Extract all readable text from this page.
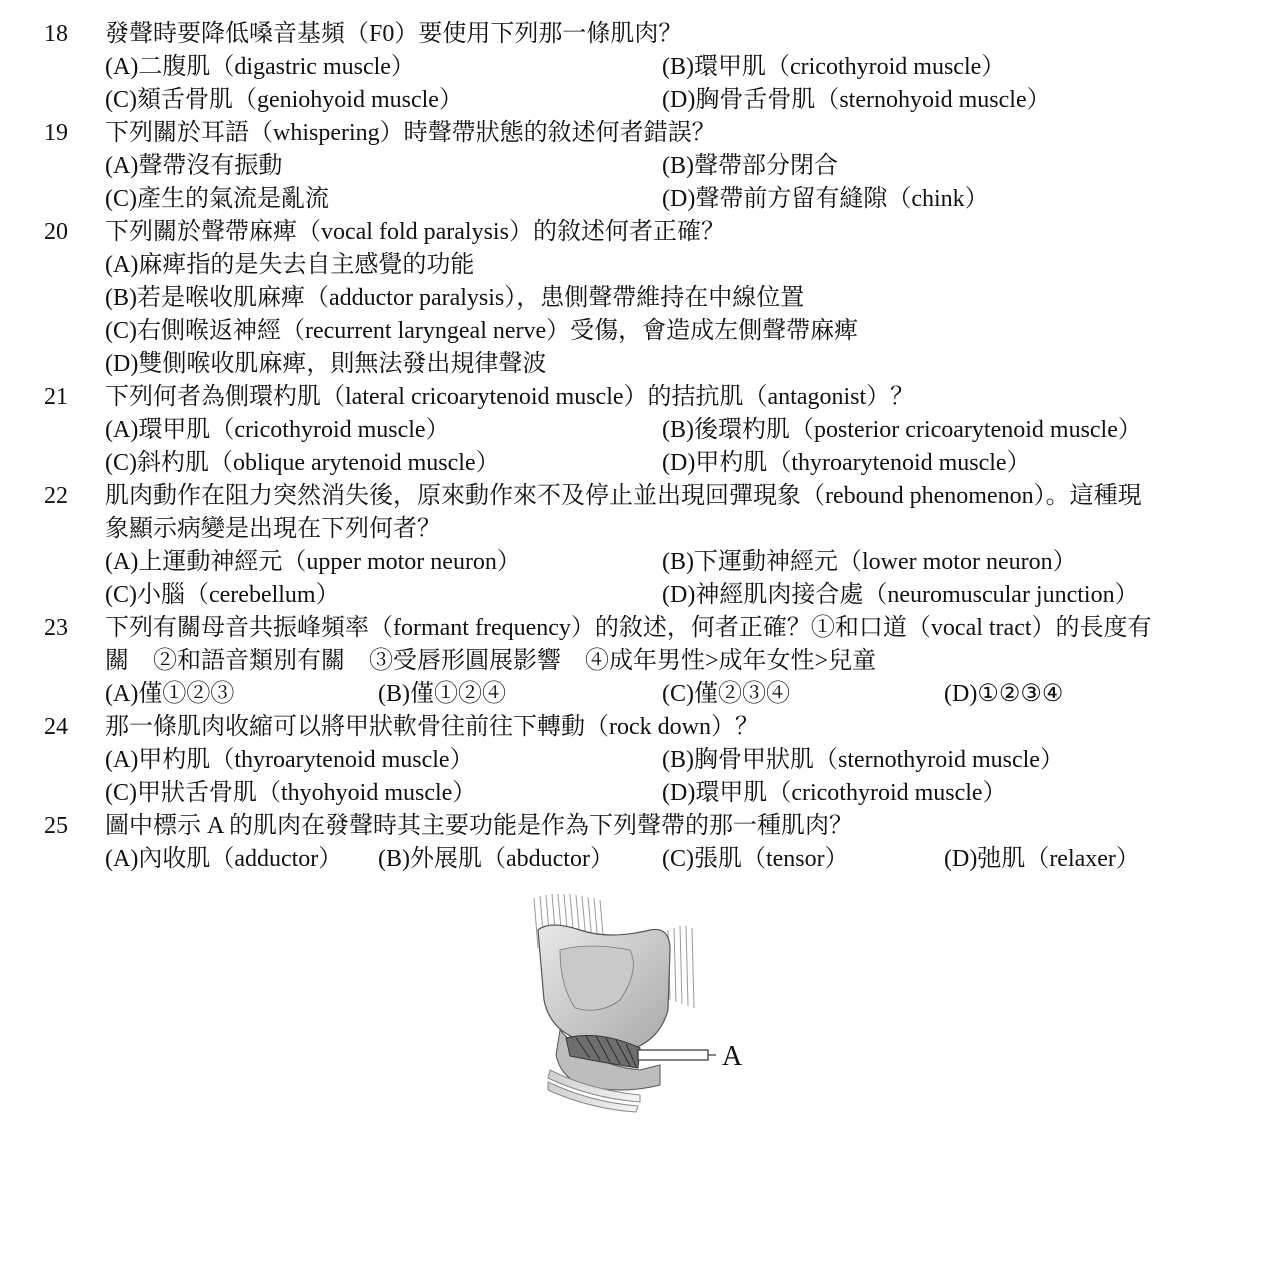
18 發聲時要降低嗓音基頻（F0）要使用下列那一條肌肉？
(A)二腹肌（digastric muscle）	(B)環甲肌（cricothyroid muscle）
(C)頦舌骨肌（geniohyoid muscle）	(D)胸骨舌骨肌（sternohyoid muscle）
19 下列關於耳語（whispering）時聲帶狀態的敘述何者錯誤？
(A)聲帶沒有振動	(B)聲帶部分閉合
(C)產生的氣流是亂流	(D)聲帶前方留有縫隙（chink）
20 下列關於聲帶麻痺（vocal fold paralysis）的敘述何者正確？
(A)麻痺指的是失去自主感覺的功能
(B)若是喉收肌麻痺（adductor paralysis），患側聲帶維持在中線位置
(C)右側喉返神經（recurrent laryngeal nerve）受傷，會造成左側聲帶麻痺
(D)雙側喉收肌麻痺，則無法發出規律聲波
21 下列何者為側環杓肌（lateral cricoarytenoid muscle）的拮抗肌（antagonist）？
(A)環甲肌（cricothyroid muscle）	(B)後環杓肌（posterior cricoarytenoid muscle）
(C)斜杓肌（oblique arytenoid muscle）	(D)甲杓肌（thyroarytenoid muscle）
22 肌肉動作在阻力突然消失後，原來動作來不及停止並出現回彈現象（rebound phenomenon）。這種現
象顯示病變是出現在下列何者？
(A)上運動神經元（upper motor neuron）	(B)下運動神經元（lower motor neuron）
(C)小腦（cerebellum）	(D)神經肌肉接合處（neuromuscular junction）
23 下列有關母音共振峰頻率（formant frequency）的敘述，何者正確？①和口道（vocal tract）的長度有
關　②和語音類別有關　③受唇形圓展影響　④成年男性>成年女性>兒童
(A)僅①②③	(B)僅①②④	(C)僅②③④	(D)①②③④
24 那一條肌肉收縮可以將甲狀軟骨往前往下轉動（rock down）？
(A)甲杓肌（thyroarytenoid muscle）	(B)胸骨甲狀肌（sternothyroid muscle）
(C)甲狀舌骨肌（thyohyoid muscle）	(D)環甲肌（cricothyroid muscle）
25 圖中標示 A 的肌肉在發聲時其主要功能是作為下列聲帶的那一種肌肉？
(A)內收肌（adductor） (B)外展肌（abductor） (C)張肌（tensor）	(D)弛肌（relaxer）
A
